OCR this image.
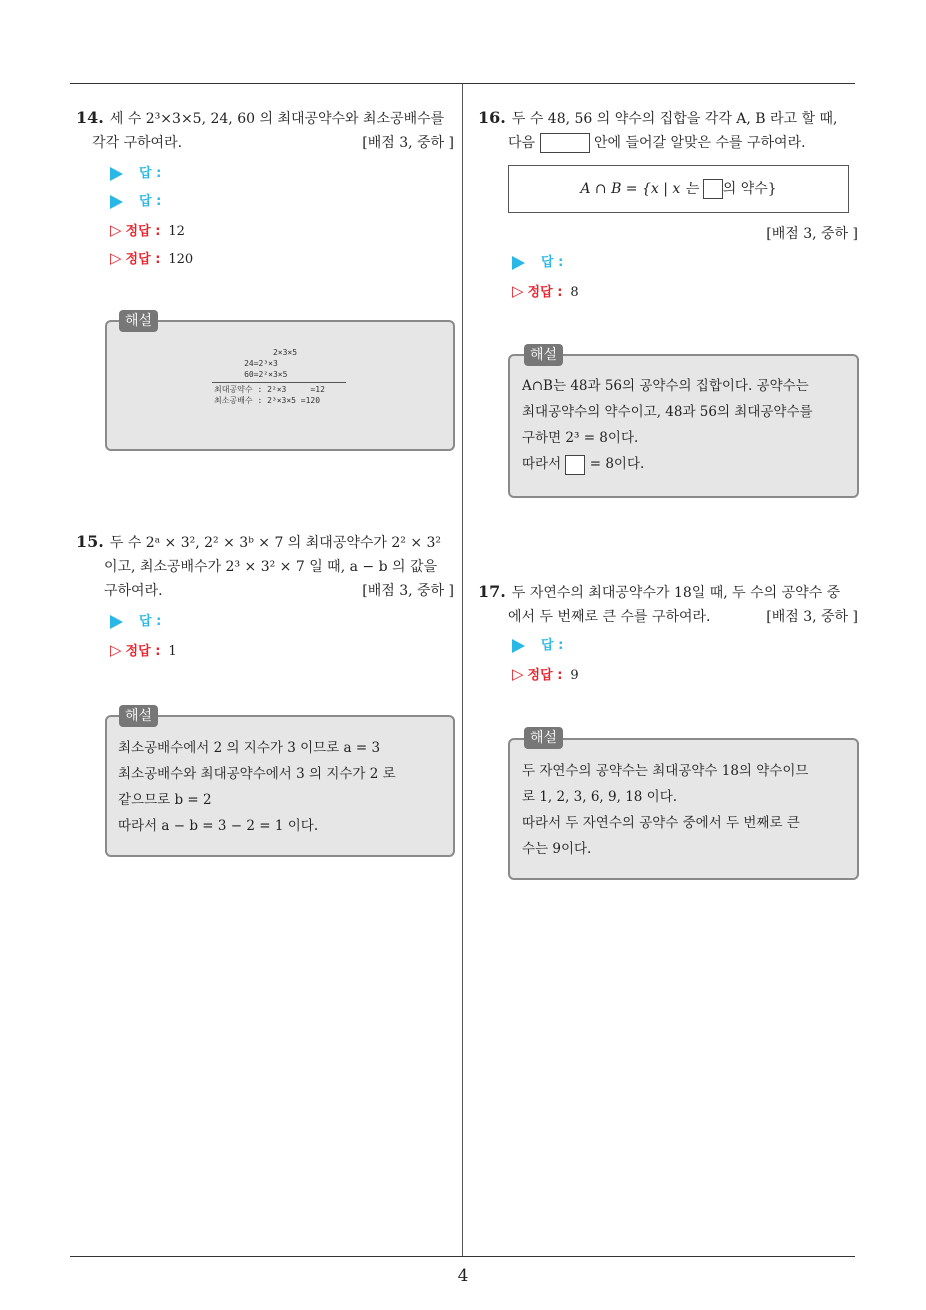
4
14. 세 수 2³×3×5, 24, 60 의 최대공약수와 최소공배수를
각각 구하여라.	[배점 3, 중하 ]
답 :
답 :
▷ 정답 : 12
▷ 정답 : 120
해설
2×3×5
24=2³×3
60=2²×3×5
최대공약수 : 2²×3     =12
최소공배수 : 2³×3×5 =120
15. 두 수 2ᵃ × 3², 2² × 3ᵇ × 7 의 최대공약수가 2² × 3²
이고, 최소공배수가 2³ × 3² × 7 일 때, a − b 의 값을
구하여라.	[배점 3, 중하 ]
답 :
▷ 정답 : 1
해설
최소공배수에서 2 의 지수가 3 이므로 a = 3
최소공배수와 최대공약수에서 3 의 지수가 2 로
같으므로 b = 2
따라서 a − b = 3 − 2 = 1 이다.
16. 두 수 48, 56 의 약수의 집합을 각각 A, B 라고 할 때,
다음	안에 들어갈 알맞은 수를 구하여라.
A ∩ B = {x | x 는 의 약수}
[배점 3, 중하 ]
답 :
▷ 정답 : 8
해설
A∩B는 48과 56의 공약수의 집합이다. 공약수는
최대공약수의 약수이고, 48과 56의 최대공약수를
구하면 2³ = 8이다.
따라서 = 8이다.
17. 두 자연수의 최대공약수가 18일 때, 두 수의 공약수 중
에서 두 번째로 큰 수를 구하여라.	[배점 3, 중하 ]
답 :
▷ 정답 : 9
해설
두 자연수의 공약수는 최대공약수 18의 약수이므
로 1, 2, 3, 6, 9, 18 이다.
따라서 두 자연수의 공약수 중에서 두 번째로 큰
수는 9이다.
